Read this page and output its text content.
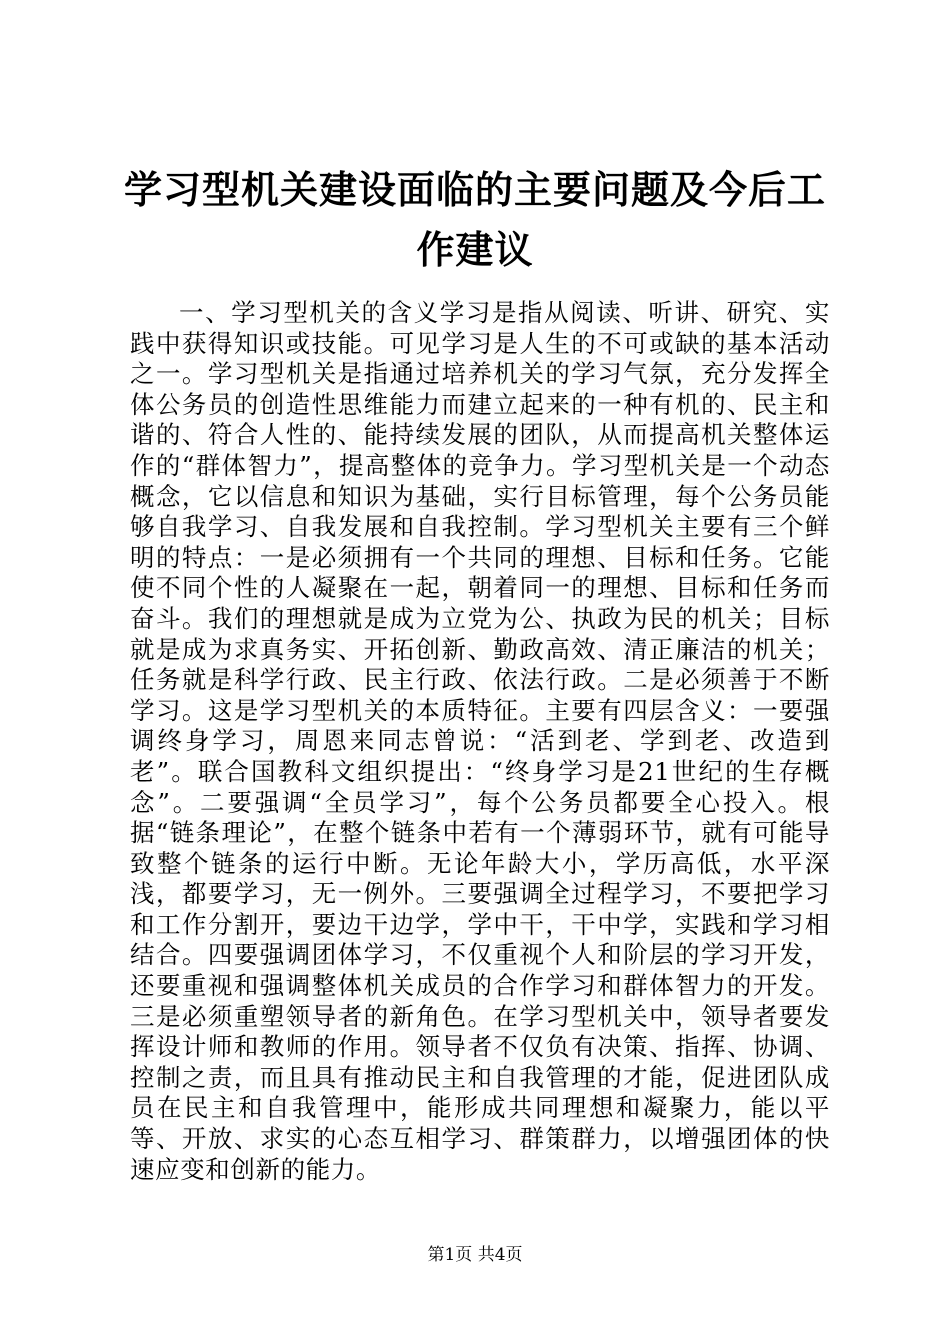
学习型机关建设面临的主要问题及今后工作建议

一、学习型机关的含义学习是指从阅读、听讲、研究、实践中获得知识或技能。可见学习是人生的不可或缺的基本活动之一。学习型机关是指通过培养机关的学习气氛，充分发挥全体公务员的创造性思维能力而建立起来的一种有机的、民主和谐的、符合人性的、能持续发展的团队，从而提高机关整体运作的“群体智力”，提高整体的竞争力。学习型机关是一个动态概念，它以信息和知识为基础，实行目标管理，每个公务员能够自我学习、自我发展和自我控制。学习型机关主要有三个鲜明的特点：一是必须拥有一个共同的理想、目标和任务。它能使不同个性的人凝聚在一起，朝着同一的理想、目标和任务而奋斗。我们的理想就是成为立党为公、执政为民的机关；目标就是成为求真务实、开拓创新、勤政高效、清正廉洁的机关；任务就是科学行政、民主行政、依法行政。二是必须善于不断学习。这是学习型机关的本质特征。主要有四层含义：一要强调终身学习，周恩来同志曾说：“活到老、学到老、改造到老”。联合国教科文组织提出：“终身学习是21世纪的生存概念”。二要强调“全员学习”，每个公务员都要全心投入。根据“链条理论”，在整个链条中若有一个薄弱环节，就有可能导致整个链条的运行中断。无论年龄大小，学历高低，水平深浅，都要学习，无一例外。三要强调全过程学习，不要把学习和工作分割开，要边干边学，学中干，干中学，实践和学习相结合。四要强调团体学习，不仅重视个人和阶层的学习开发，还要重视和强调整体机关成员的合作学习和群体智力的开发。三是必须重塑领导者的新角色。在学习型机关中，领导者要发挥设计师和教师的作用。领导者不仅负有决策、指挥、协调、控制之责，而且具有推动民主和自我管理的才能，促进团队成员在民主和自我管理中，能形成共同理想和凝聚力，能以平等、开放、求实的心态互相学习、群策群力，以增强团体的快速应变和创新的能力。

第1页 共4页
